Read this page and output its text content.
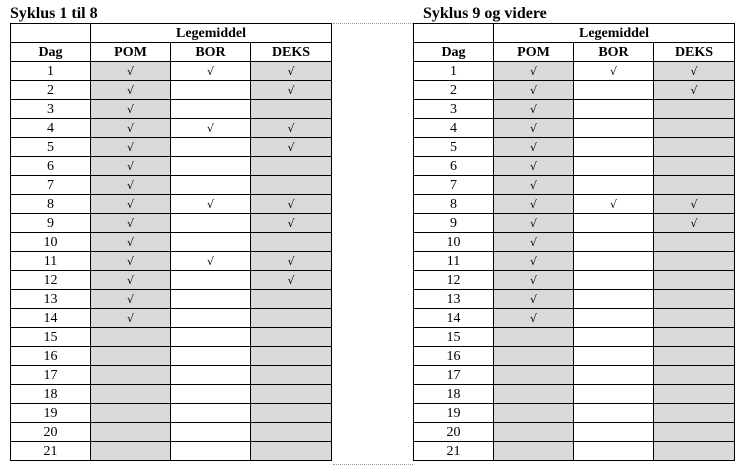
Syklus 1 til 8	Syklus 9 og videre
	Legemiddel		
Dag	POM	BOR	DEKS
1	√	√	√
2	√		√
3	√		
4	√	√	√
5	√		√
6	√		
7	√		
8	√	√	√
9	√		√
10	√		
11	√	√	√
12	√		√
13	√		
14	√		
15			
16			
17			
18			
19			
20			
21			
	Legemiddel		
Dag	POM	BOR	DEKS
1	√	√	√
2	√		√
3	√		
4	√		
5	√		
6	√		
7	√		
8	√	√	√
9	√		√
10	√		
11	√		
12	√		
13	√		
14	√		
15			
16			
17			
18			
19			
20			
21			
